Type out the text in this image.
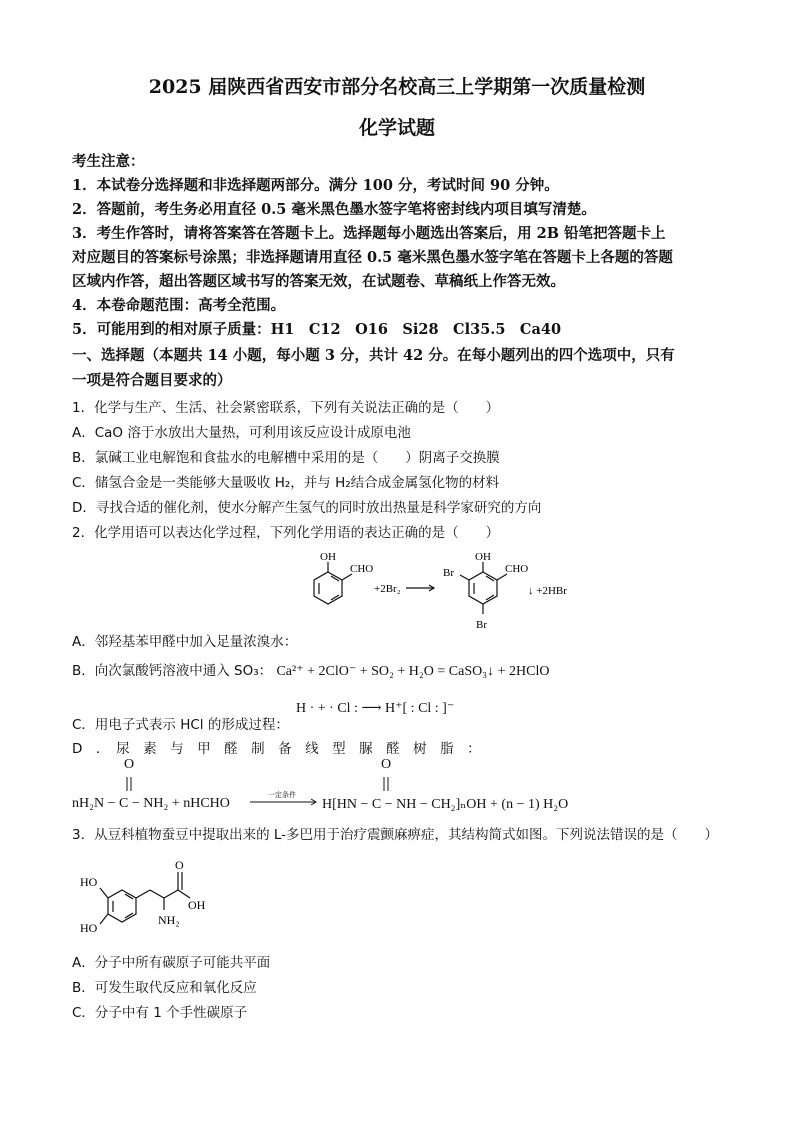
2025 届陕西省西安市部分名校高三上学期第一次质量检测
化学试题
考生注意：
1．本试卷分选择题和非选择题两部分。满分 100 分，考试时间 90 分钟。
2．答题前，考生务必用直径 0.5 毫米黑色墨水签字笔将密封线内项目填写清楚。
3．考生作答时，请将答案答在答题卡上。选择题每小题选出答案后，用 2B 铅笔把答题卡上
对应题目的答案标号涂黑；非选择题请用直径 0.5 毫米黑色墨水签字笔在答题卡上各题的答题
区域内作答，超出答题区域书写的答案无效，在试题卷、草稿纸上作答无效。
4．本卷命题范围：高考全范围。
5．可能用到的相对原子质量：H1　C12　O16　Si28　Cl35.5　Ca40
一、选择题（本题共 14 小题，每小题 3 分，共计 42 分。在每小题列出的四个选项中，只有
一项是符合题目要求的）
1．化学与生产、生活、社会紧密联系，下列有关说法正确的是（　　）
A．CaO 溶于水放出大量热，可利用该反应设计成原电池
B．氯碱工业电解饱和食盐水的电解槽中采用的是（　　）阴离子交换膜
C．储氢合金是一类能够大量吸收 H₂，并与 H₂结合成金属氢化物的材料
D．寻找合适的催化剂，使水分解产生氢气的同时放出热量是科学家研究的方向
2．化学用语可以表达化学过程，下列化学用语的表达正确的是（　　）
OH
CHO
+2Br₂
OH
CHO
Br
Br
↓ +2HBr
A．邻羟基苯甲醛中加入足量浓溴水：
B．向次氯酸钙溶液中通入 SO₃： Ca²⁺ + 2ClO⁻ + SO₂ + H₂O = CaSO₃↓ + 2HClO
C．用电子式表示 HCl 的形成过程：
H · + · Cl : ⟶ H⁺[ : Cl : ]⁻
D　．　尿　素　与　甲　醛　制　备　线　型　脲　醛　树　脂　：
O	O
nH₂N − C − NH₂ + nHCHO
一定条件
H[HN − C − NH − CH₂]ₙOH + (n − 1) H₂O
3．从豆科植物蚕豆中提取出来的 L-多巴用于治疗震颤麻痹症，其结构简式如图。下列说法错误的是（　　）
HO
HO
O
OH
NH₂
A．分子中所有碳原子可能共平面
B．可发生取代反应和氧化反应
C．分子中有 1 个手性碳原子
